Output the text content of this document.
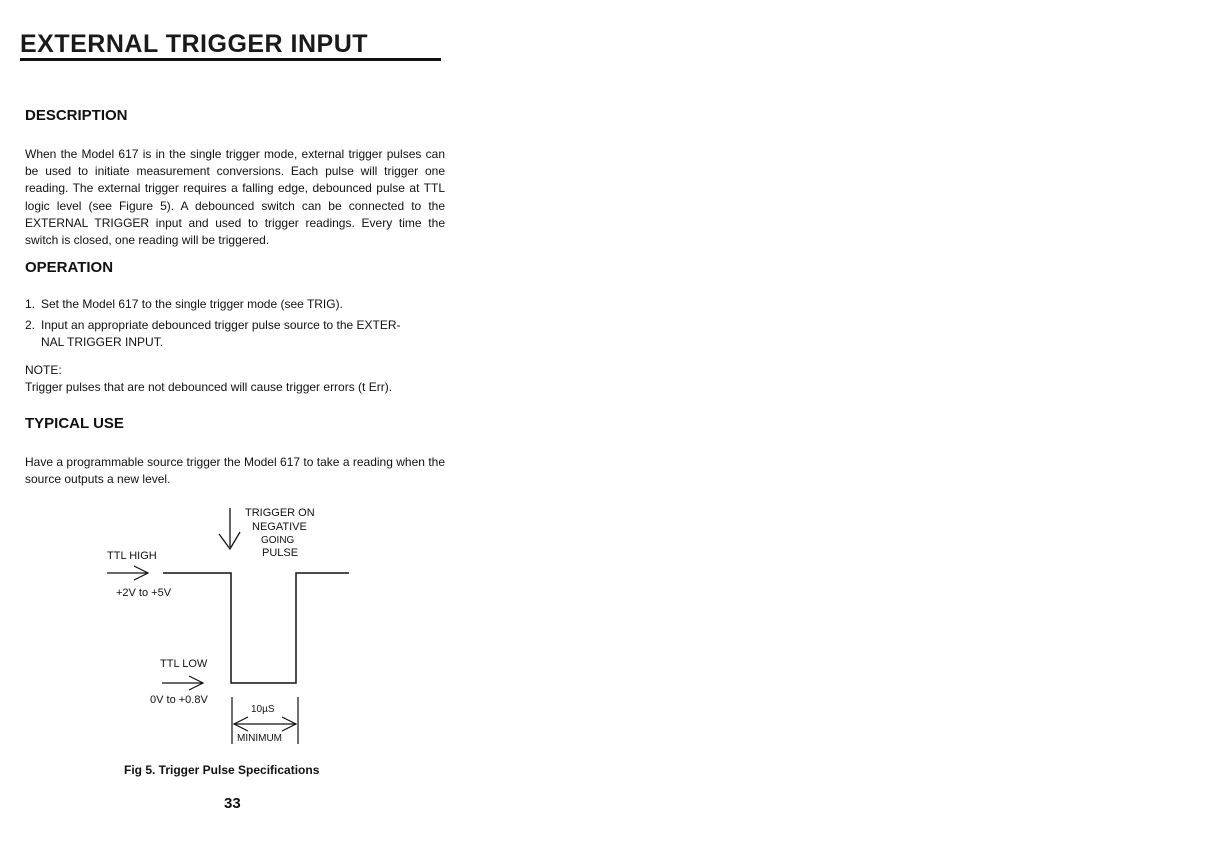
EXTERNAL TRIGGER INPUT
DESCRIPTION
When the Model 617 is in the single trigger mode, external trigger pulses can be used to initiate measurement conversions. Each pulse will trigger one reading. The external trigger requires a falling edge, debounced pulse at TTL logic level (see Figure 5). A debounced switch can be connected to the EXTERNAL TRIGGER input and used to trigger readings. Every time the switch is closed, one reading will be triggered.
OPERATION
1. Set the Model 617 to the single trigger mode (see TRIG).
2. Input an appropriate debounced trigger pulse source to the EXTER-
NAL TRIGGER INPUT.
NOTE:
Trigger pulses that are not debounced will cause trigger errors (t Err).
TYPICAL USE
Have a programmable source trigger the Model 617 to take a reading when the source outputs a new level.
TRIGGER ON
NEGATIVE
GOING
PULSE
TTL HIGH
+2V to +5V
TTL LOW
0V to +0.8V
10µS
MINIMUM
Fig 5. Trigger Pulse Specifications
33
